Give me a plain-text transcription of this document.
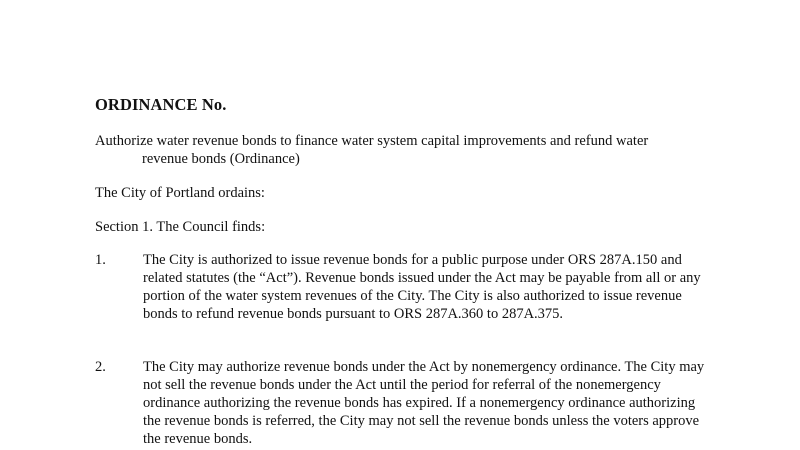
ORDINANCE No.
Authorize water revenue bonds to finance water system capital improvements and refund water
revenue bonds (Ordinance)
The City of Portland ordains:
Section 1. The Council finds:
1.	The City is authorized to issue revenue bonds for a public purpose under ORS 287A.150 and related statutes (the “Act”). Revenue bonds issued under the Act may be payable from all or any portion of the water system revenues of the City. The City is also authorized to issue revenue bonds to refund revenue bonds pursuant to ORS 287A.360 to 287A.375.
2.	The City may authorize revenue bonds under the Act by nonemergency ordinance. The City may not sell the revenue bonds under the Act until the period for referral of the nonemergency ordinance authorizing the revenue bonds has expired. If a nonemergency ordinance authorizing the revenue bonds is referred, the City may not sell the revenue bonds unless the voters approve the revenue bonds.
